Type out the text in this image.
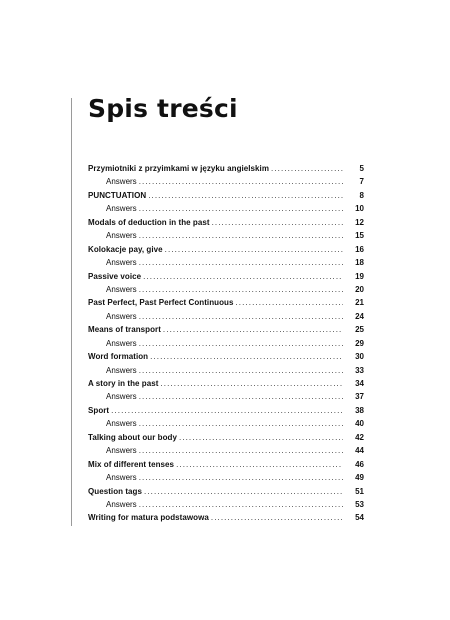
Spis treści
Przymiotniki z przyimkami w języku angielskim .....	5
Answers .....	7
PUNCTUATION .....	8
Answers .....	10
Modals of deduction in the past .....	12
Answers .....	15
Kolokacje pay, give .....	16
Answers .....	18
Passive voice .....	19
Answers .....	20
Past Perfect, Past Perfect Continuous .....	21
Answers .....	24
Means of transport .....	25
Answers .....	29
Word formation .....	30
Answers .....	33
A story in the past .....	34
Answers .....	37
Sport .....	38
Answers .....	40
Talking about our body .....	42
Answers .....	44
Mix of different tenses .....	46
Answers .....	49
Question tags .....	51
Answers .....	53
Writing for matura podstawowa .....	54
